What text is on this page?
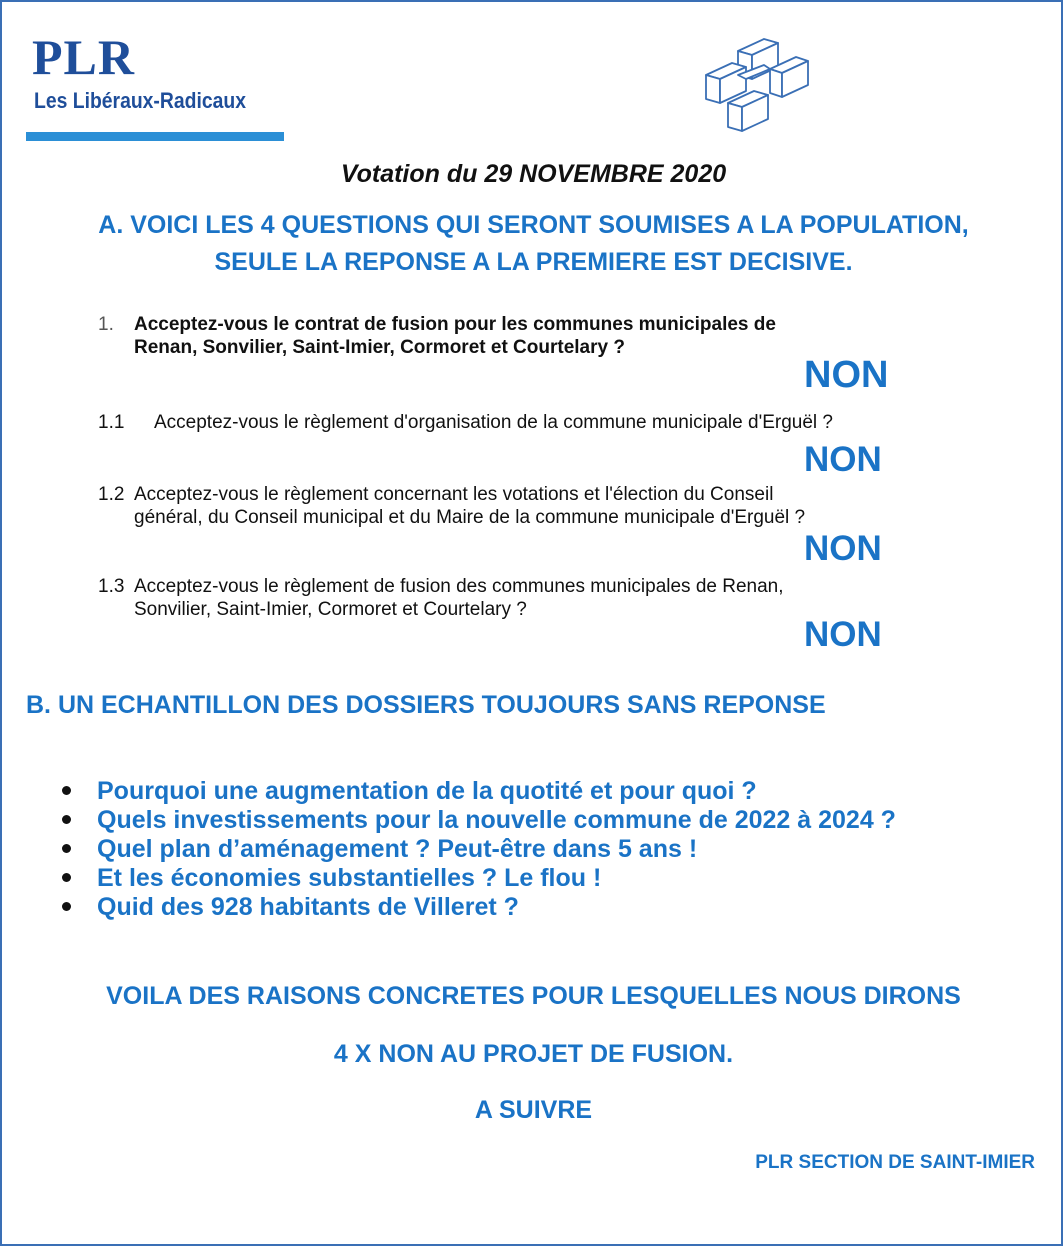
PLR
Les Libéraux-Radicaux
Votation du 29 NOVEMBRE 2020
A. VOICI LES 4 QUESTIONS QUI SERONT SOUMISES A LA POPULATION,
SEULE LA REPONSE A LA PREMIERE EST DECISIVE.
1. Acceptez-vous le contrat de fusion pour les communes municipales de
Renan, Sonvilier, Saint-Imier, Cormoret et Courtelary ?
NON
1.1 Acceptez-vous le règlement d'organisation de la commune municipale d'Erguël ?
NON
1.2 Acceptez-vous le règlement concernant les votations et l'élection du Conseil
général, du Conseil municipal et du Maire de la commune municipale d'Erguël ?
NON
1.3 Acceptez-vous le règlement de fusion des communes municipales de Renan,
Sonvilier, Saint-Imier, Cormoret et Courtelary ?
NON
B. UN ECHANTILLON DES DOSSIERS TOUJOURS SANS REPONSE
Pourquoi une augmentation de la quotité et pour quoi ?
Quels investissements pour la nouvelle commune de 2022 à 2024 ?
Quel plan d’aménagement ? Peut-être dans 5 ans !
Et les économies substantielles ? Le flou !
Quid des 928 habitants de Villeret ?
VOILA DES RAISONS CONCRETES POUR LESQUELLES NOUS DIRONS
4 X NON AU PROJET DE FUSION.
A SUIVRE
PLR SECTION DE SAINT-IMIER
